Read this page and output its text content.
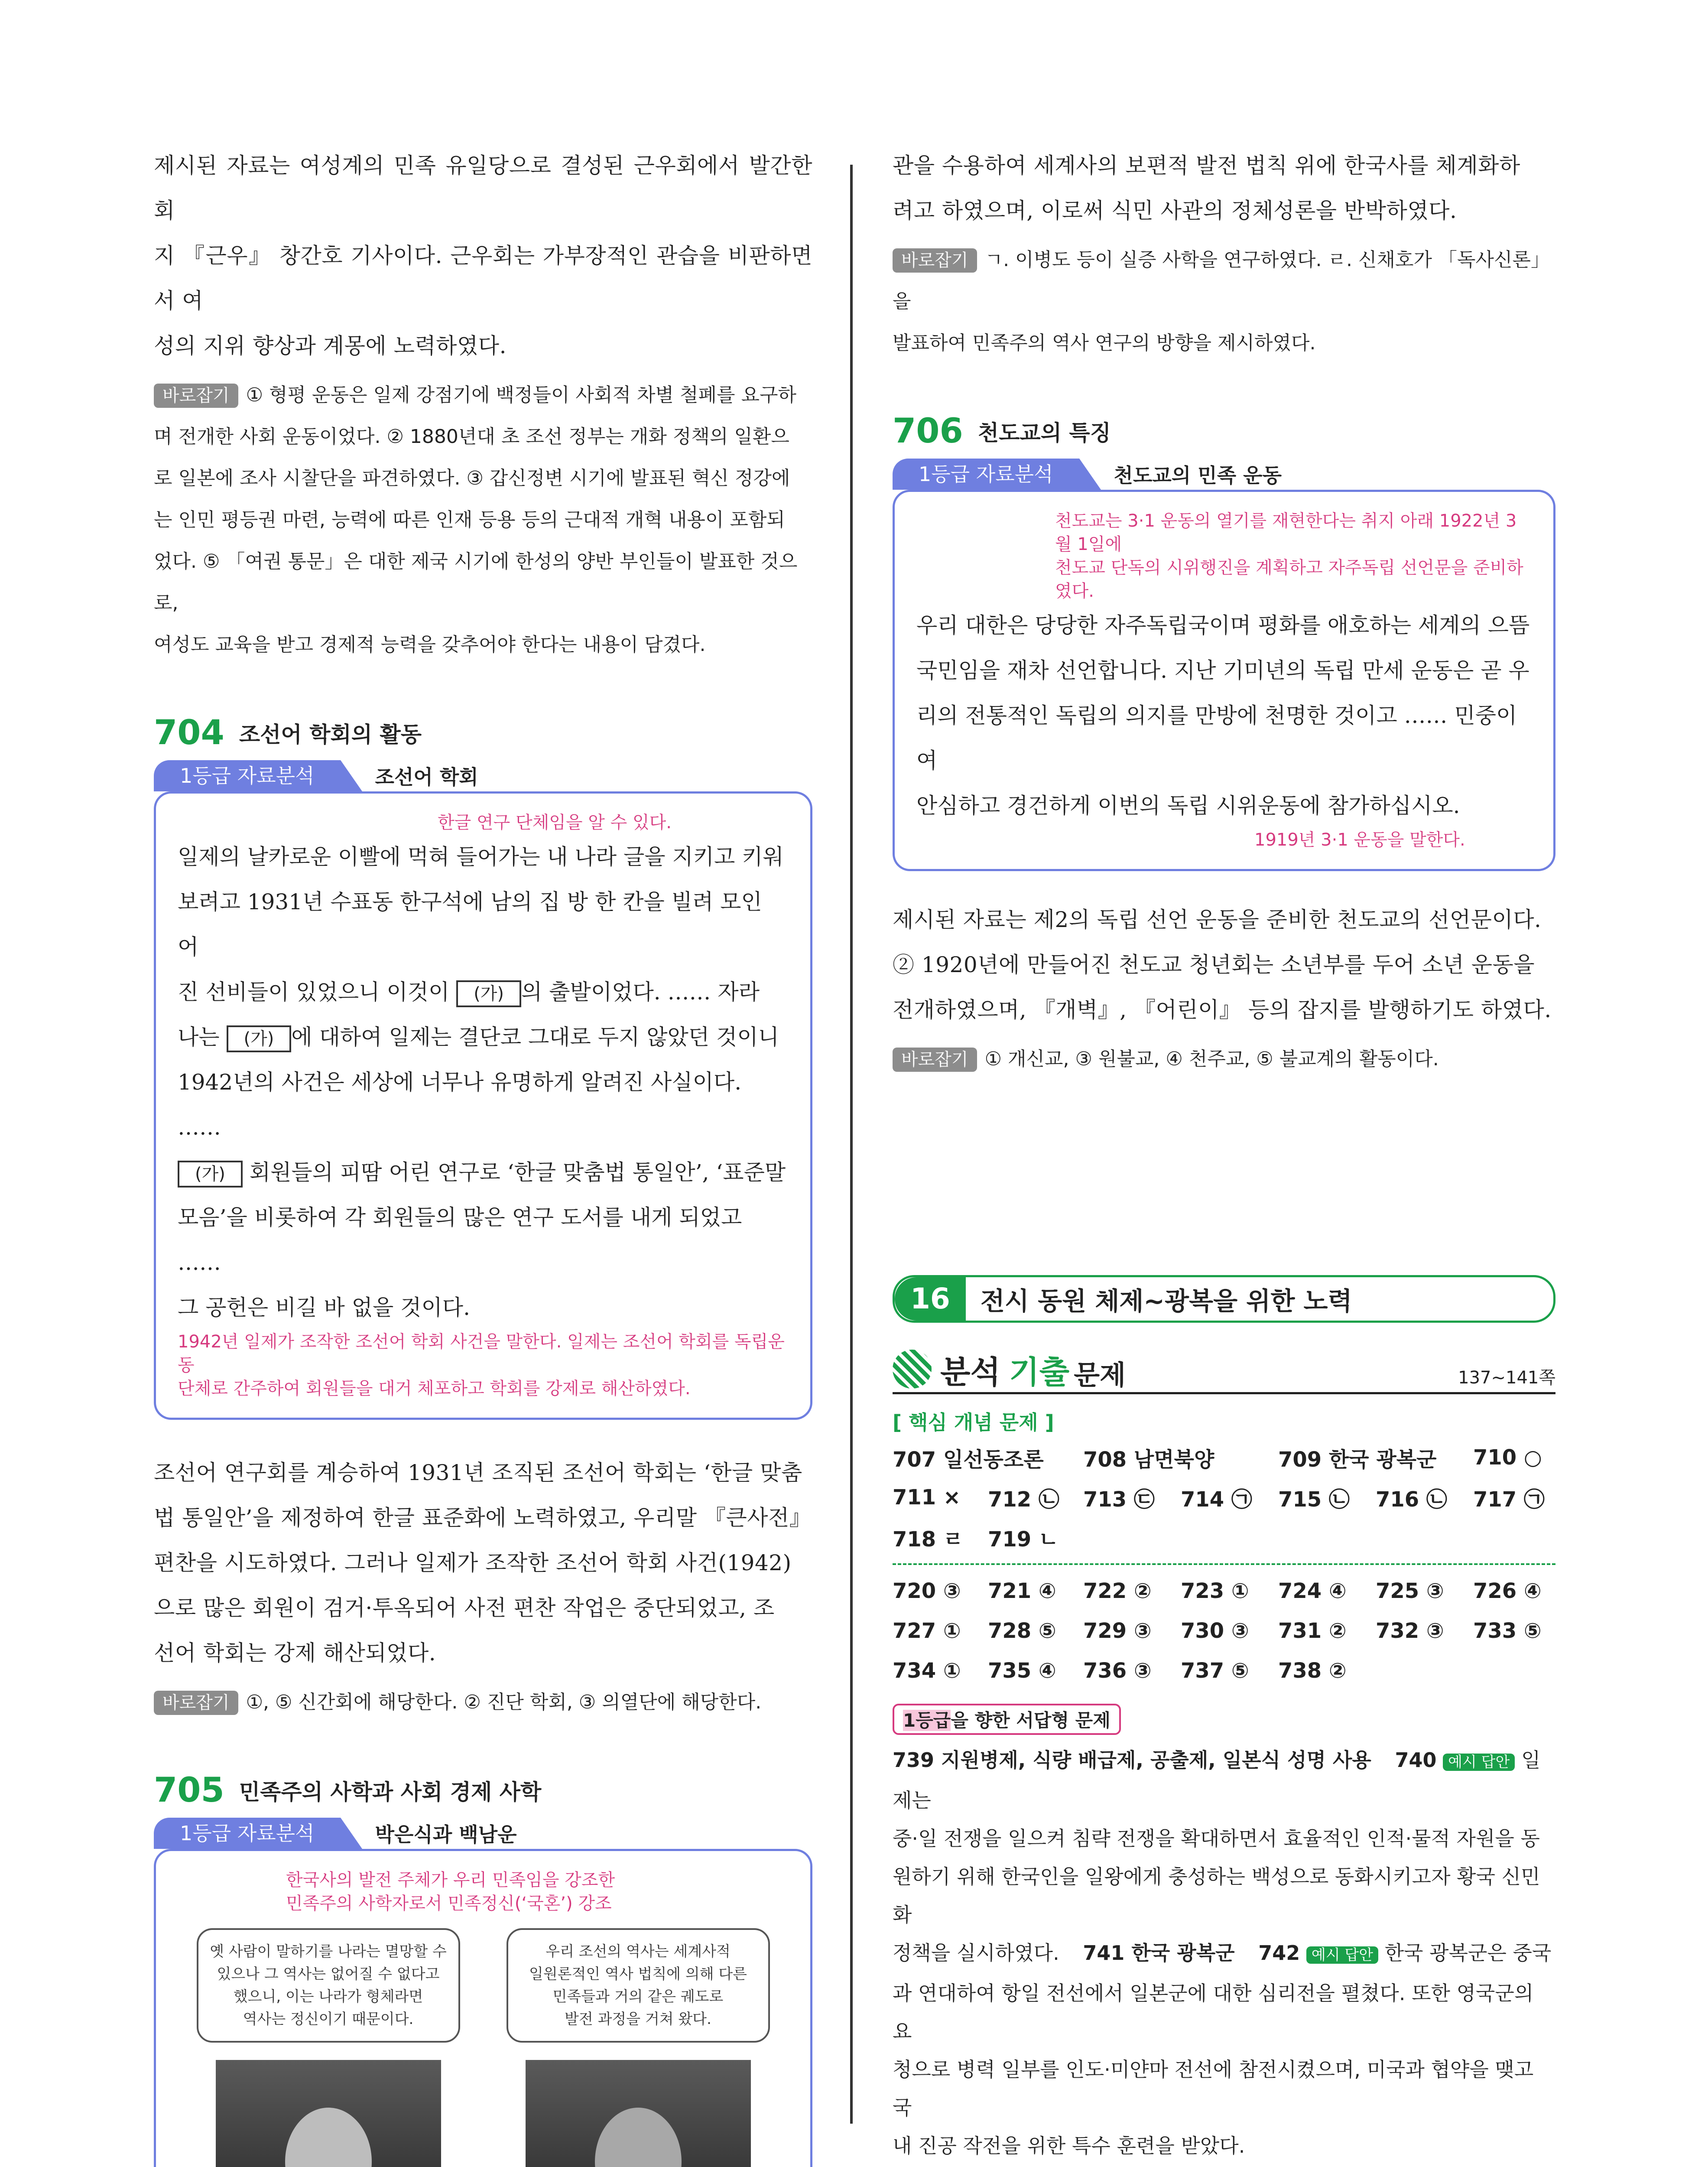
제시된 자료는 여성계의 민족 유일당으로 결성된 근우회에서 발간한 회
지 『근우』 창간호 기사이다. 근우회는 가부장적인 관습을 비판하면서 여
성의 지위 향상과 계몽에 노력하였다.

바로잡기 ① 형평 운동은 일제 강점기에 백정들이 사회적 차별 철폐를 요구하
며 전개한 사회 운동이었다. ② 1880년대 초 조선 정부는 개화 정책의 일환으
로 일본에 조사 시찰단을 파견하였다. ③ 갑신정변 시기에 발표된 혁신 정강에
는 인민 평등권 마련, 능력에 따른 인재 등용 등의 근대적 개혁 내용이 포함되
었다. ⑤ 「여권 통문」은 대한 제국 시기에 한성의 양반 부인들이 발표한 것으로,
여성도 교육을 받고 경제적 능력을 갖추어야 한다는 내용이 담겼다.
704 조선어 학회의 활동
1등급 자료분석	조선어 학회
한글 연구 단체임을 알 수 있다.

일제의 날카로운 이빨에 먹혀 들어가는 내 나라 글을 지키고 키워
보려고 1931년 수표동 한구석에 남의 집 방 한 칸을 빌려 모인 어
진 선비들이 있었으니 이것이 (가) 의 출발이었다. …… 자라
나는 (가) 에 대하여 일제는 결단코 그대로 두지 않았던 것이니
1942년의 사건은 세상에 너무나 유명하게 알려진 사실이다. ……
(가) 회원들의 피땀 어린 연구로 ‘한글 맞춤법 통일안’, ‘표준말
모음’을 비롯하여 각 회원들의 많은 연구 도서를 내게 되었고 ……
그 공헌은 비길 바 없을 것이다.

1942년 일제가 조작한 조선어 학회 사건을 말한다. 일제는 조선어 학회를 독립운동
단체로 간주하여 회원들을 대거 체포하고 학회를 강제로 해산하였다.

조선어 연구회를 계승하여 1931년 조직된 조선어 학회는 ‘한글 맞춤
법 통일안’을 제정하여 한글 표준화에 노력하였고, 우리말 『큰사전』
편찬을 시도하였다. 그러나 일제가 조작한 조선어 학회 사건(1942)
으로 많은 회원이 검거·투옥되어 사전 편찬 작업은 중단되었고, 조
선어 학회는 강제 해산되었다.

바로잡기 ①, ⑤ 신간회에 해당한다. ② 진단 학회, ③ 의열단에 해당한다.
705 민족주의 사학과 사회 경제 사학
1등급 자료분석	박은식과 백남운
한국사의 발전 주체가 우리 민족임을 강조한
민족주의 사학자로서 민족정신(‘국혼’) 강조
옛 사람이 말하기를 나라는 멸망할 수
있으나 그 역사는 없어질 수 없다고
했으니, 이는 나라가 형체라면
역사는 정신이기 때문이다.
우리 조선의 역사는 세계사적
일원론적인 역사 법칙에 의해 다른
민족들과 거의 같은 궤도로
발전 과정을 거쳐 왔다.

관을 수용하여 세계사의 보편적 발전 법칙 위에 한국사를 체계화하
려고 하였으며, 이로써 식민 사관의 정체성론을 반박하였다.

바로잡기 ㄱ. 이병도 등이 실증 사학을 연구하였다. ㄹ. 신채호가 「독사신론」을
발표하여 민족주의 역사 연구의 방향을 제시하였다.
706 천도교의 특징
1등급 자료분석	천도교의 민족 운동
천도교는 3·1 운동의 열기를 재현한다는 취지 아래 1922년 3월 1일에
천도교 단독의 시위행진을 계획하고 자주독립 선언문을 준비하였다.

우리 대한은 당당한 자주독립국이며 평화를 애호하는 세계의 으뜸
국민임을 재차 선언합니다. 지난 기미년의 독립 만세 운동은 곧 우
리의 전통적인 독립의 의지를 만방에 천명한 것이고 …… 민중이여
안심하고 경건하게 이번의 독립 시위운동에 참가하십시오.

1919년 3·1 운동을 말한다.

제시된 자료는 제2의 독립 선언 운동을 준비한 천도교의 선언문이다.
② 1920년에 만들어진 천도교 청년회는 소년부를 두어 소년 운동을
전개하였으며, 『개벽』, 『어린이』 등의 잡지를 발행하기도 하였다.

바로잡기 ① 개신교, ③ 원불교, ④ 천주교, ⑤ 불교계의 활동이다.
16	전시 동원 체제~광복을 위한 노력
분석 기출 문제	137~141쪽
[ 핵심 개념 문제 ]
707 일선동조론	708 남면북양	709 한국 광복군	710 ○
711 ×	712 ㉡	713 ㉢	714 ㉠	715 ㉡	716 ㉡	717 ㉠
718 ㄹ	719 ㄴ
720 ③	721 ④	722 ②	723 ①	724 ④	725 ③	726 ④
727 ①	728 ⑤	729 ③	730 ③	731 ②	732 ③	733 ⑤
734 ①	735 ④	736 ③	737 ⑤	738 ②
1등급을 향한 서답형 문제
739 지원병제, 식량 배급제, 공출제, 일본식 성명 사용 740 예시 답안 일제는
중·일 전쟁을 일으켜 침략 전쟁을 확대하면서 효율적인 인적·물적 자원을 동
원하기 위해 한국인을 일왕에게 충성하는 백성으로 동화시키고자 황국 신민화
정책을 실시하였다. 741 한국 광복군 742 예시 답안 한국 광복군은 중국
과 연대하여 항일 전선에서 일본군에 대한 심리전을 펼쳤다. 또한 영국군의 요
청으로 병력 일부를 인도·미얀마 전선에 참전시켰으며, 미국과 협약을 맺고 국
내 진공 작전을 위한 특수 훈련을 받았다.
